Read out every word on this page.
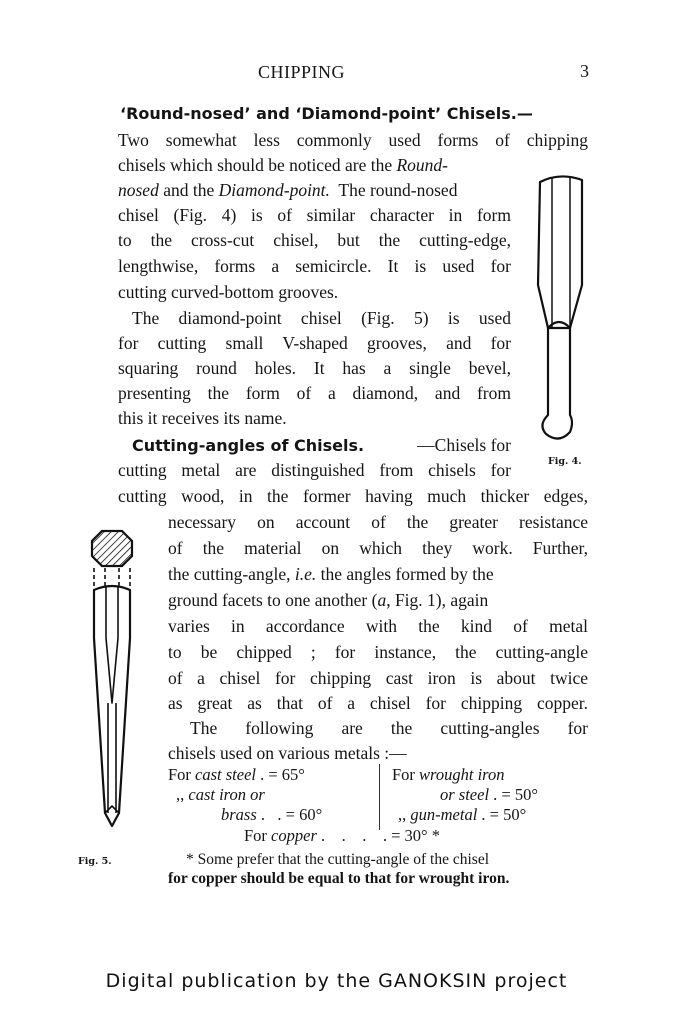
CHIPPING	3
‘Round-nosed’ and ‘Diamond-point’ Chisels.—
Two somewhat less commonly used forms of chipping
chisels which should be noticed are the Round-
nosed and the Diamond-point. The round-nosed
chisel (Fig. 4) is of similar character in form
to the cross-cut chisel, but the cutting-edge,
lengthwise, forms a semicircle. It is used for
cutting curved-bottom grooves.
The diamond-point chisel (Fig. 5) is used
for cutting small V-shaped grooves, and for
squaring round holes. It has a single bevel,
presenting the form of a diamond, and from
this it receives its name.
Cutting-angles of Chisels.	—Chisels for
cutting metal are distinguished from chisels for
cutting wood, in the former having much thicker edges,
necessary on account of the greater resistance
of the material on which they work. Further,
the cutting-angle, i.e. the angles formed by the
ground facets to one another (a, Fig. 1), again
varies in accordance with the kind of metal
to be chipped ; for instance, the cutting-angle
of a chisel for chipping cast iron is about twice
as great as that of a chisel for chipping copper.
The following are the cutting-angles for
chisels used on various metals :—
For cast steel . = 65°
,, cast iron or
brass .   . = 60°
For wrought iron
or steel . = 50°
,, gun-metal . = 50°
For copper .    .    .    . = 30° *
* Some prefer that the cutting-angle of the chisel
for copper should be equal to that for wrought iron.
Fig. 4.
Fig. 5.
Digital publication by the GANOKSIN project
